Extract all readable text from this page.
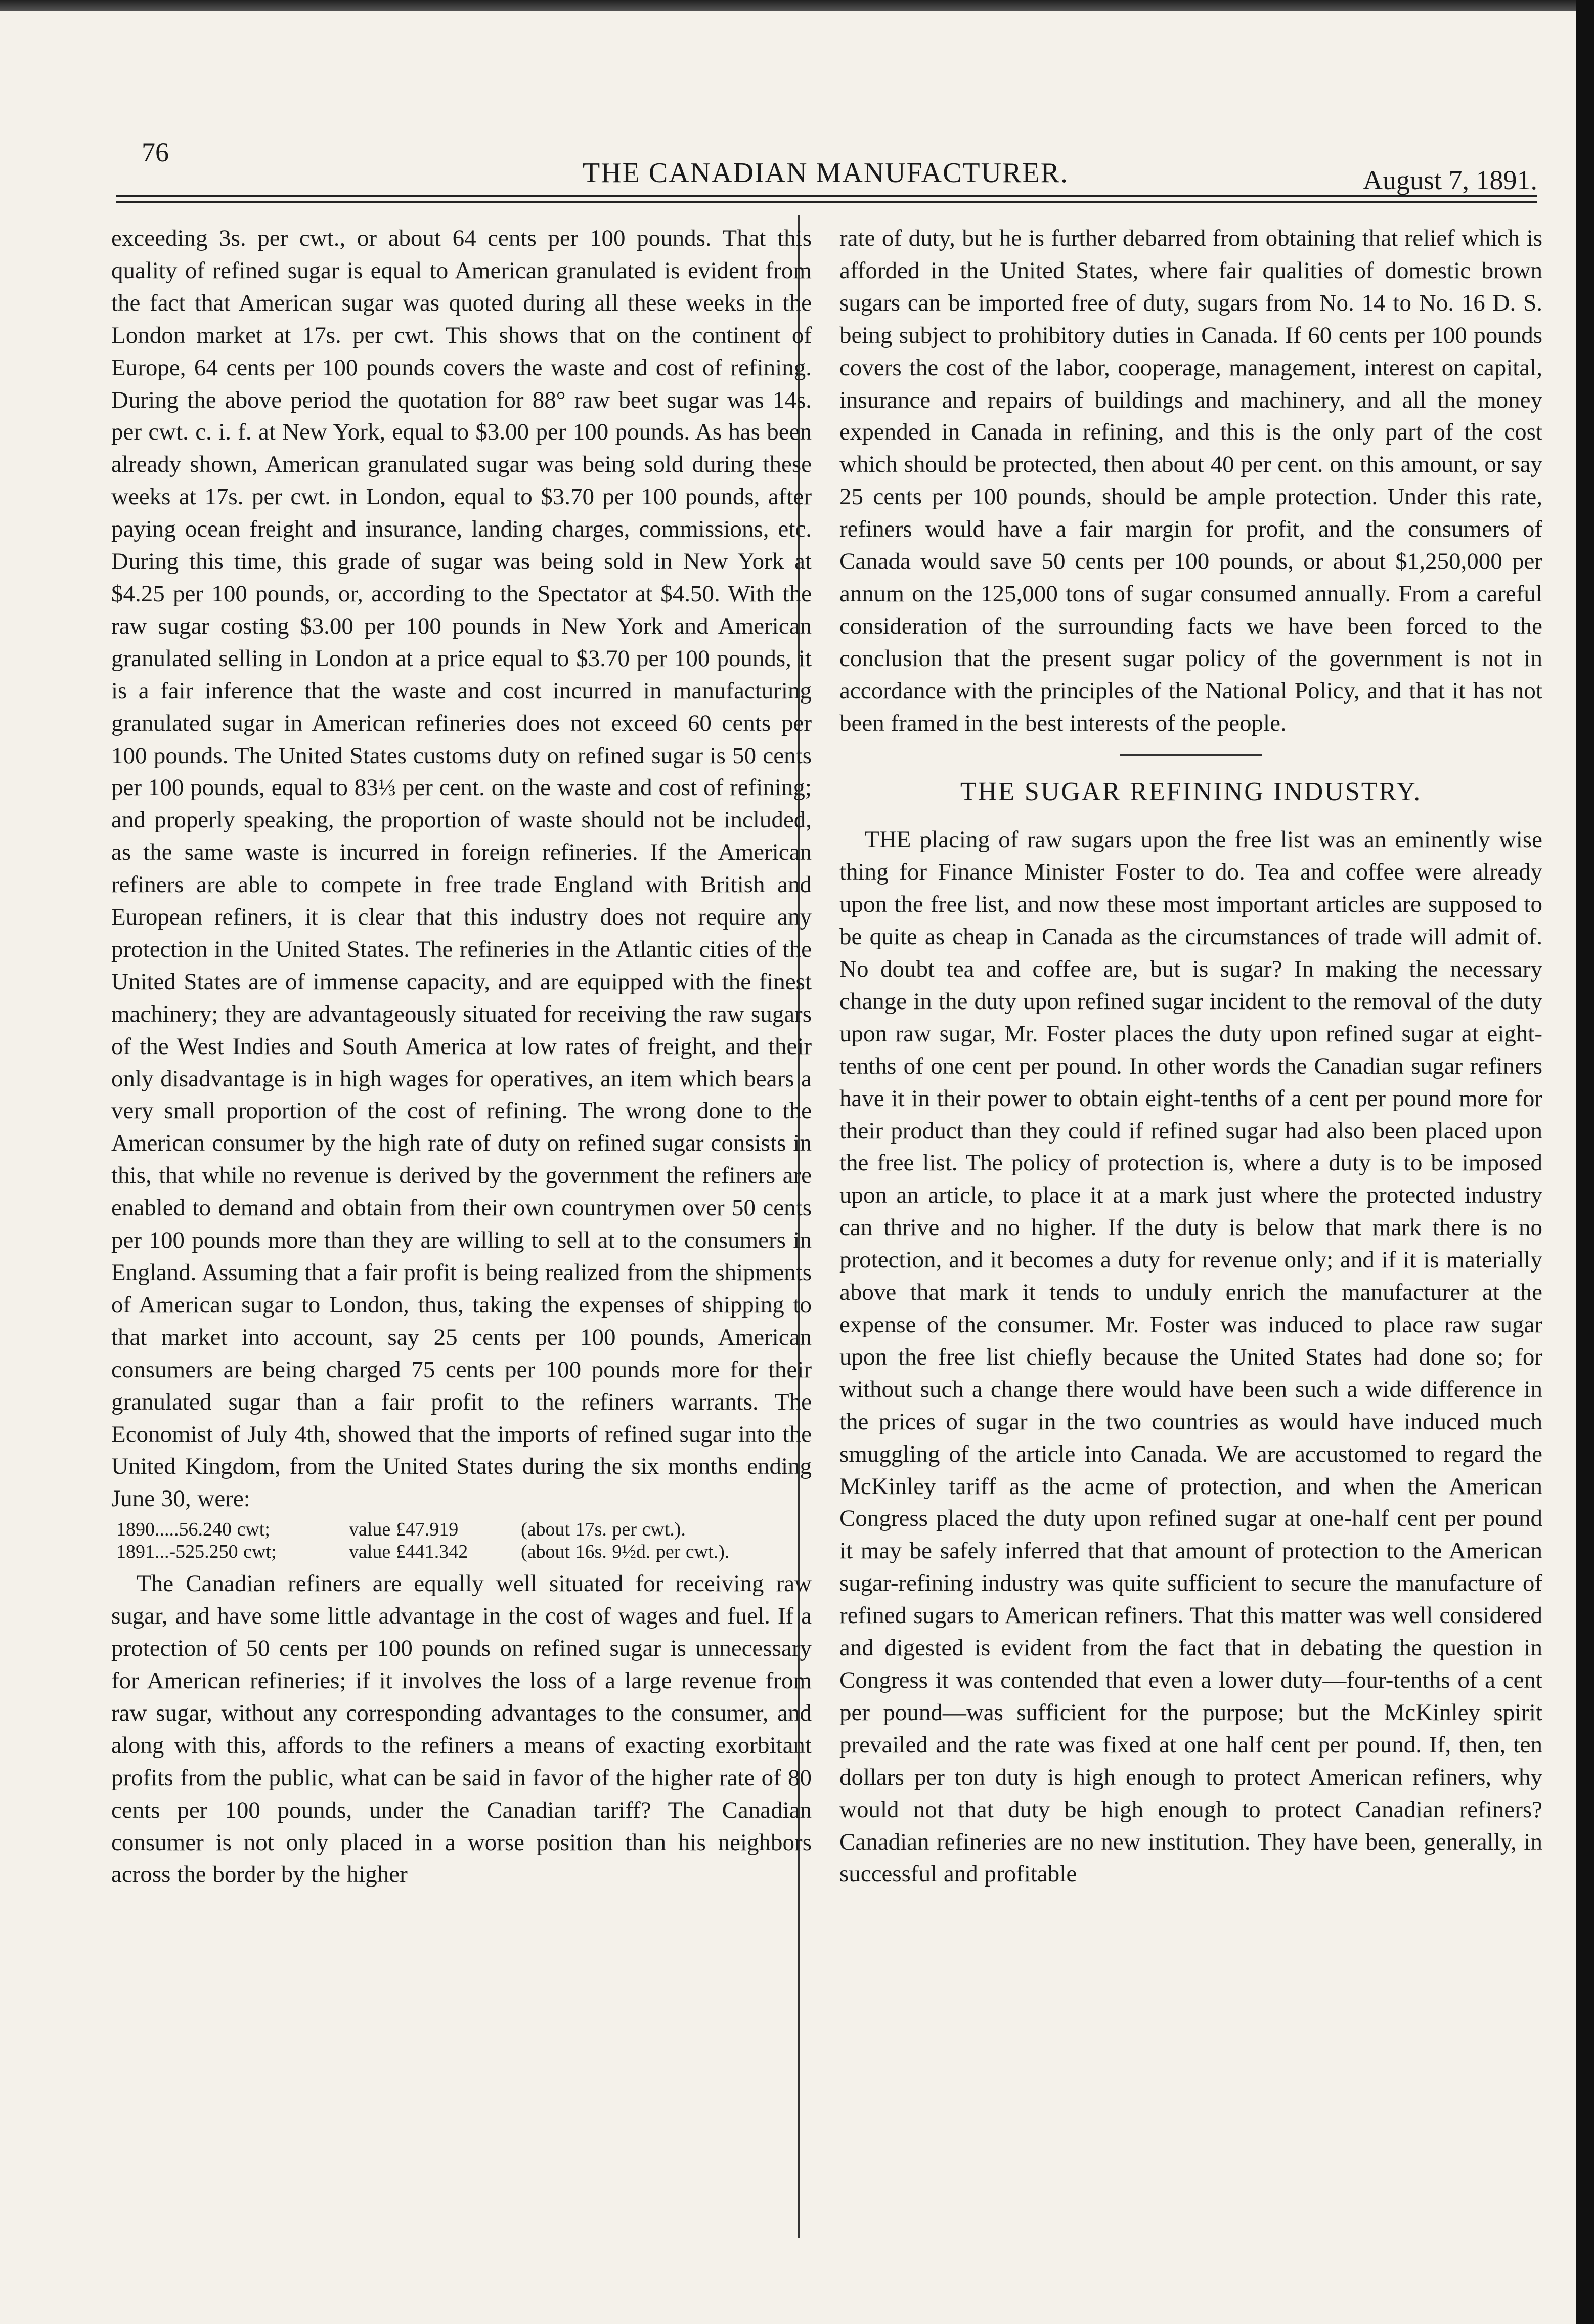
76
THE CANADIAN MANUFACTURER.	August 7, 1891.

exceeding 3s. per cwt., or about 64 cents per 100 pounds. That this quality of refined sugar is equal to American granulated is evident from the fact that American sugar was quoted during all these weeks in the London market at 17s. per cwt. This shows that on the continent of Europe, 64 cents per 100 pounds covers the waste and cost of refining. During the above period the quotation for 88° raw beet sugar was 14s. per cwt. c. i. f. at New York, equal to $3.00 per 100 pounds. As has been already shown, American granulated sugar was being sold during these weeks at 17s. per cwt. in London, equal to $3.70 per 100 pounds, after paying ocean freight and insurance, landing charges, commissions, etc. During this time, this grade of sugar was being sold in New York at $4.25 per 100 pounds, or, according to the Spectator at $4.50. With the raw sugar costing $3.00 per 100 pounds in New York and American granulated selling in London at a price equal to $3.70 per 100 pounds, it is a fair inference that the waste and cost incurred in manufacturing granulated sugar in American refineries does not exceed 60 cents per 100 pounds. The United States customs duty on refined sugar is 50 cents per 100 pounds, equal to 83⅓ per cent. on the waste and cost of refining; and properly speaking, the proportion of waste should not be included, as the same waste is incurred in foreign refineries. If the American refiners are able to compete in free trade England with British and European refiners, it is clear that this industry does not require any protection in the United States. The refineries in the Atlantic cities of the United States are of immense capacity, and are equipped with the finest machinery; they are advantageously situated for receiving the raw sugars of the West Indies and South America at low rates of freight, and their only disadvantage is in high wages for operatives, an item which bears a very small proportion of the cost of refining. The wrong done to the American consumer by the high rate of duty on refined sugar consists in this, that while no revenue is derived by the government the refiners are enabled to demand and obtain from their own countrymen over 50 cents per 100 pounds more than they are willing to sell at to the consumers in England. Assuming that a fair profit is being realized from the shipments of American sugar to London, thus, taking the expenses of shipping to that market into account, say 25 cents per 100 pounds, American consumers are being charged 75 cents per 100 pounds more for their granulated sugar than a fair profit to the refiners warrants. The Economist of July 4th, showed that the imports of refined sugar into the United Kingdom, from the United States during the six months ending June 30, were:

1890.....56.240 cwt;	value £47.919	(about 17s. per cwt.).
1891...-525.250 cwt;	value £441.342	(about 16s. 9½d. per cwt.).

The Canadian refiners are equally well situated for receiving raw sugar, and have some little advantage in the cost of wages and fuel. If a protection of 50 cents per 100 pounds on refined sugar is unnecessary for American refineries; if it involves the loss of a large revenue from raw sugar, without any corresponding advantages to the consumer, and along with this, affords to the refiners a means of exacting exorbitant profits from the public, what can be said in favor of the higher rate of 80 cents per 100 pounds, under the Canadian tariff? The Canadian consumer is not only placed in a worse position than his neighbors across the border by the higher

rate of duty, but he is further debarred from obtaining that relief which is afforded in the United States, where fair qualities of domestic brown sugars can be imported free of duty, sugars from No. 14 to No. 16 D. S. being subject to prohibitory duties in Canada. If 60 cents per 100 pounds covers the cost of the labor, cooperage, management, interest on capital, insurance and repairs of buildings and machinery, and all the money expended in Canada in refining, and this is the only part of the cost which should be protected, then about 40 per cent. on this amount, or say 25 cents per 100 pounds, should be ample protection. Under this rate, refiners would have a fair margin for profit, and the consumers of Canada would save 50 cents per 100 pounds, or about $1,250,000 per annum on the 125,000 tons of sugar consumed annually. From a careful consideration of the surrounding facts we have been forced to the conclusion that the present sugar policy of the government is not in accordance with the principles of the National Policy, and that it has not been framed in the best interests of the people.

THE SUGAR REFINING INDUSTRY.

THE placing of raw sugars upon the free list was an eminently wise thing for Finance Minister Foster to do. Tea and coffee were already upon the free list, and now these most important articles are supposed to be quite as cheap in Canada as the circumstances of trade will admit of. No doubt tea and coffee are, but is sugar? In making the necessary change in the duty upon refined sugar incident to the removal of the duty upon raw sugar, Mr. Foster places the duty upon refined sugar at eight-tenths of one cent per pound. In other words the Canadian sugar refiners have it in their power to obtain eight-tenths of a cent per pound more for their product than they could if refined sugar had also been placed upon the free list. The policy of protection is, where a duty is to be imposed upon an article, to place it at a mark just where the protected industry can thrive and no higher. If the duty is below that mark there is no protection, and it becomes a duty for revenue only; and if it is materially above that mark it tends to unduly enrich the manufacturer at the expense of the consumer. Mr. Foster was induced to place raw sugar upon the free list chiefly because the United States had done so; for without such a change there would have been such a wide difference in the prices of sugar in the two countries as would have induced much smuggling of the article into Canada. We are accustomed to regard the McKinley tariff as the acme of protection, and when the American Congress placed the duty upon refined sugar at one-half cent per pound it may be safely inferred that that amount of protection to the American sugar-refining industry was quite sufficient to secure the manufacture of refined sugars to American refiners. That this matter was well considered and digested is evident from the fact that in debating the question in Congress it was contended that even a lower duty—four-tenths of a cent per pound—was sufficient for the purpose; but the McKinley spirit prevailed and the rate was fixed at one half cent per pound. If, then, ten dollars per ton duty is high enough to protect American refiners, why would not that duty be high enough to protect Canadian refiners? Canadian refineries are no new institution. They have been, generally, in successful and profitable
